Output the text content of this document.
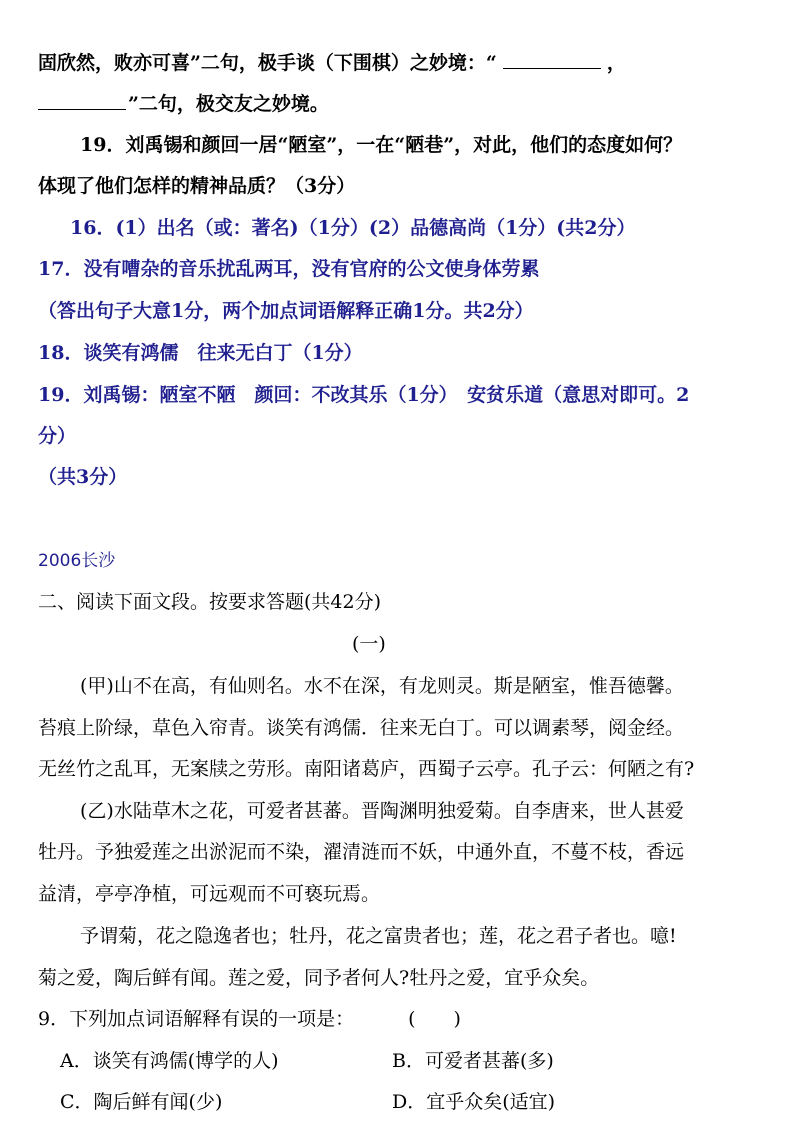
固欣然，败亦可喜”二句，极手谈（下围棋）之妙境：“	，
”二句，极交友之妙境。
19．刘禹锡和颜回一居“陋室”，一在“陋巷”，对此，他们的态度如何？
体现了他们怎样的精神品质？（3分）
16．(1）出名（或：著名)（1分）(2）品德高尚（1分）(共2分）
17．没有嘈杂的音乐扰乱两耳，没有官府的公文使身体劳累
（答出句子大意1分，两个加点词语解释正确1分。共2分）
18．谈笑有鸿儒　往来无白丁（1分）
19．刘禹锡：陋室不陋　颜回：不改其乐（1分）　安贫乐道（意思对即可。2
分）
（共3分）
2006长沙
二、阅读下面文段。按要求答题(共42分)
(一)
(甲)山不在高，有仙则名。水不在深，有龙则灵。斯是陋室，惟吾德馨。
苔痕上阶绿，草色入帘青。谈笑有鸿儒．往来无白丁。可以调素琴，阅金经。
无丝竹之乱耳，无案牍之劳形。南阳诸葛庐，西蜀子云亭。孔子云：何陋之有?
(乙)水陆草木之花，可爱者甚蕃。晋陶渊明独爱菊。自李唐来，世人甚爱
牡丹。予独爱莲之出淤泥而不染，濯清涟而不妖，中通外直，不蔓不枝，香远
益清，亭亭净植，可远观而不可亵玩焉。
予谓菊，花之隐逸者也；牡丹，花之富贵者也；莲，花之君子者也。噫!
菊之爱，陶后鲜有闻。莲之爱，同予者何人?牡丹之爱，宜乎众矣。
9．下列加点词语解释有误的一项是：	(　　)
A．谈笑有鸿儒(博学的人)	B．可爱者甚蕃(多)
C．陶后鲜有闻(少)	D．宜乎众矣(适宜)
